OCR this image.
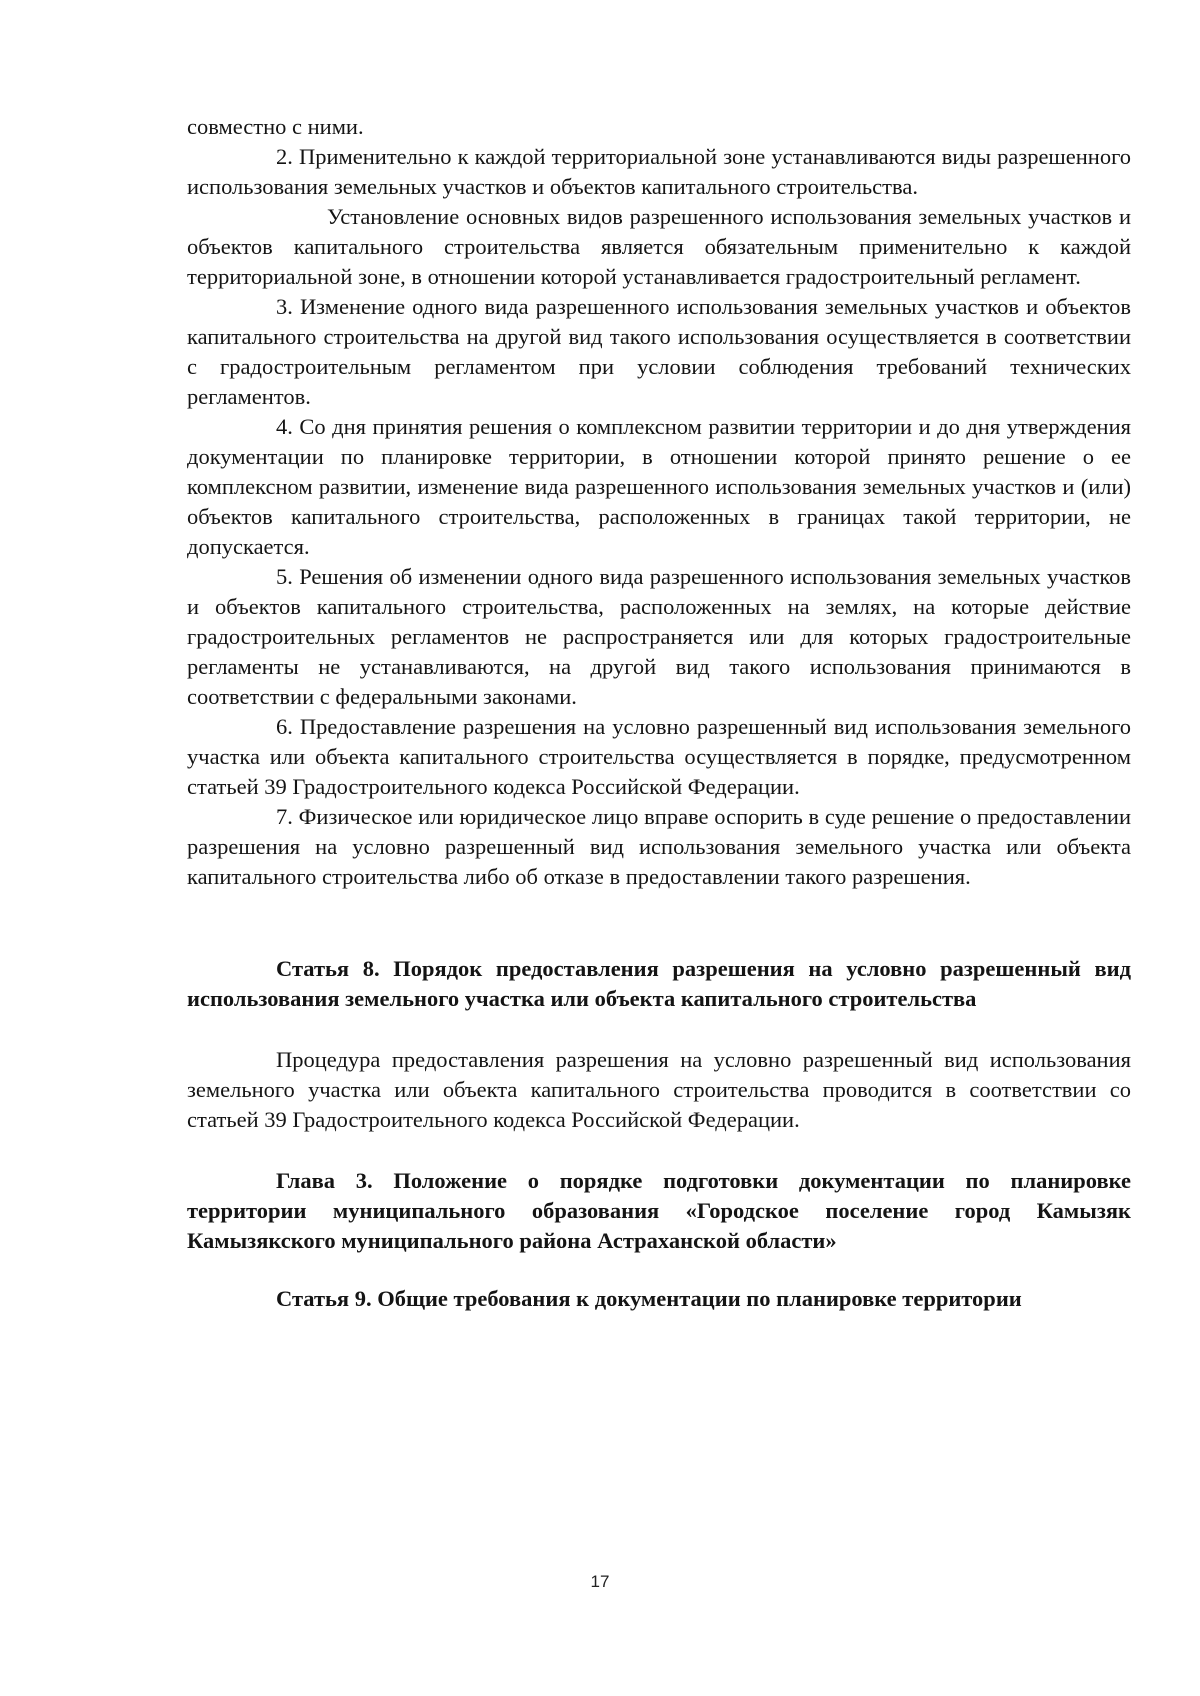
совместно с ними.

2. Применительно к каждой территориальной зоне устанавливаются виды разрешенного использования земельных участков и объектов капитального строительства.

Установление основных видов разрешенного использования земельных участков и объектов капитального строительства является обязательным применительно к каждой территориальной зоне, в отношении которой устанавливается градостроительный регламент.

3. Изменение одного вида разрешенного использования земельных участков и объектов капитального строительства на другой вид такого использования осуществляется в соответствии с градостроительным регламентом при условии соблюдения требований технических регламентов.

4. Со дня принятия решения о комплексном развитии территории и до дня утверждения документации по планировке территории, в отношении которой принято решение о ее комплексном развитии, изменение вида разрешенного использования земельных участков и (или) объектов капитального строительства, расположенных в границах такой территории, не допускается.

5. Решения об изменении одного вида разрешенного использования земельных участков и объектов капитального строительства, расположенных на землях, на которые действие градостроительных регламентов не распространяется или для которых градостроительные регламенты не устанавливаются, на другой вид такого использования принимаются в соответствии с федеральными законами.

6. Предоставление разрешения на условно разрешенный вид использования земельного участка или объекта капитального строительства осуществляется в порядке, предусмотренном статьей 39 Градостроительного кодекса Российской Федерации.

7. Физическое или юридическое лицо вправе оспорить в суде решение о предоставлении разрешения на условно разрешенный вид использования земельного участка или объекта капитального строительства либо об отказе в предоставлении такого разрешения.

Статья 8. Порядок предоставления разрешения на условно разрешенный вид использования земельного участка или объекта капитального строительства

Процедура предоставления разрешения на условно разрешенный вид использования земельного участка или объекта капитального строительства проводится в соответствии со статьей 39 Градостроительного кодекса Российской Федерации.

Глава 3. Положение о порядке подготовки документации по планировке территории муниципального образования «Городское поселение город Камызяк Камызякского муниципального района Астраханской области»

Статья 9. Общие требования к документации по планировке территории

17
